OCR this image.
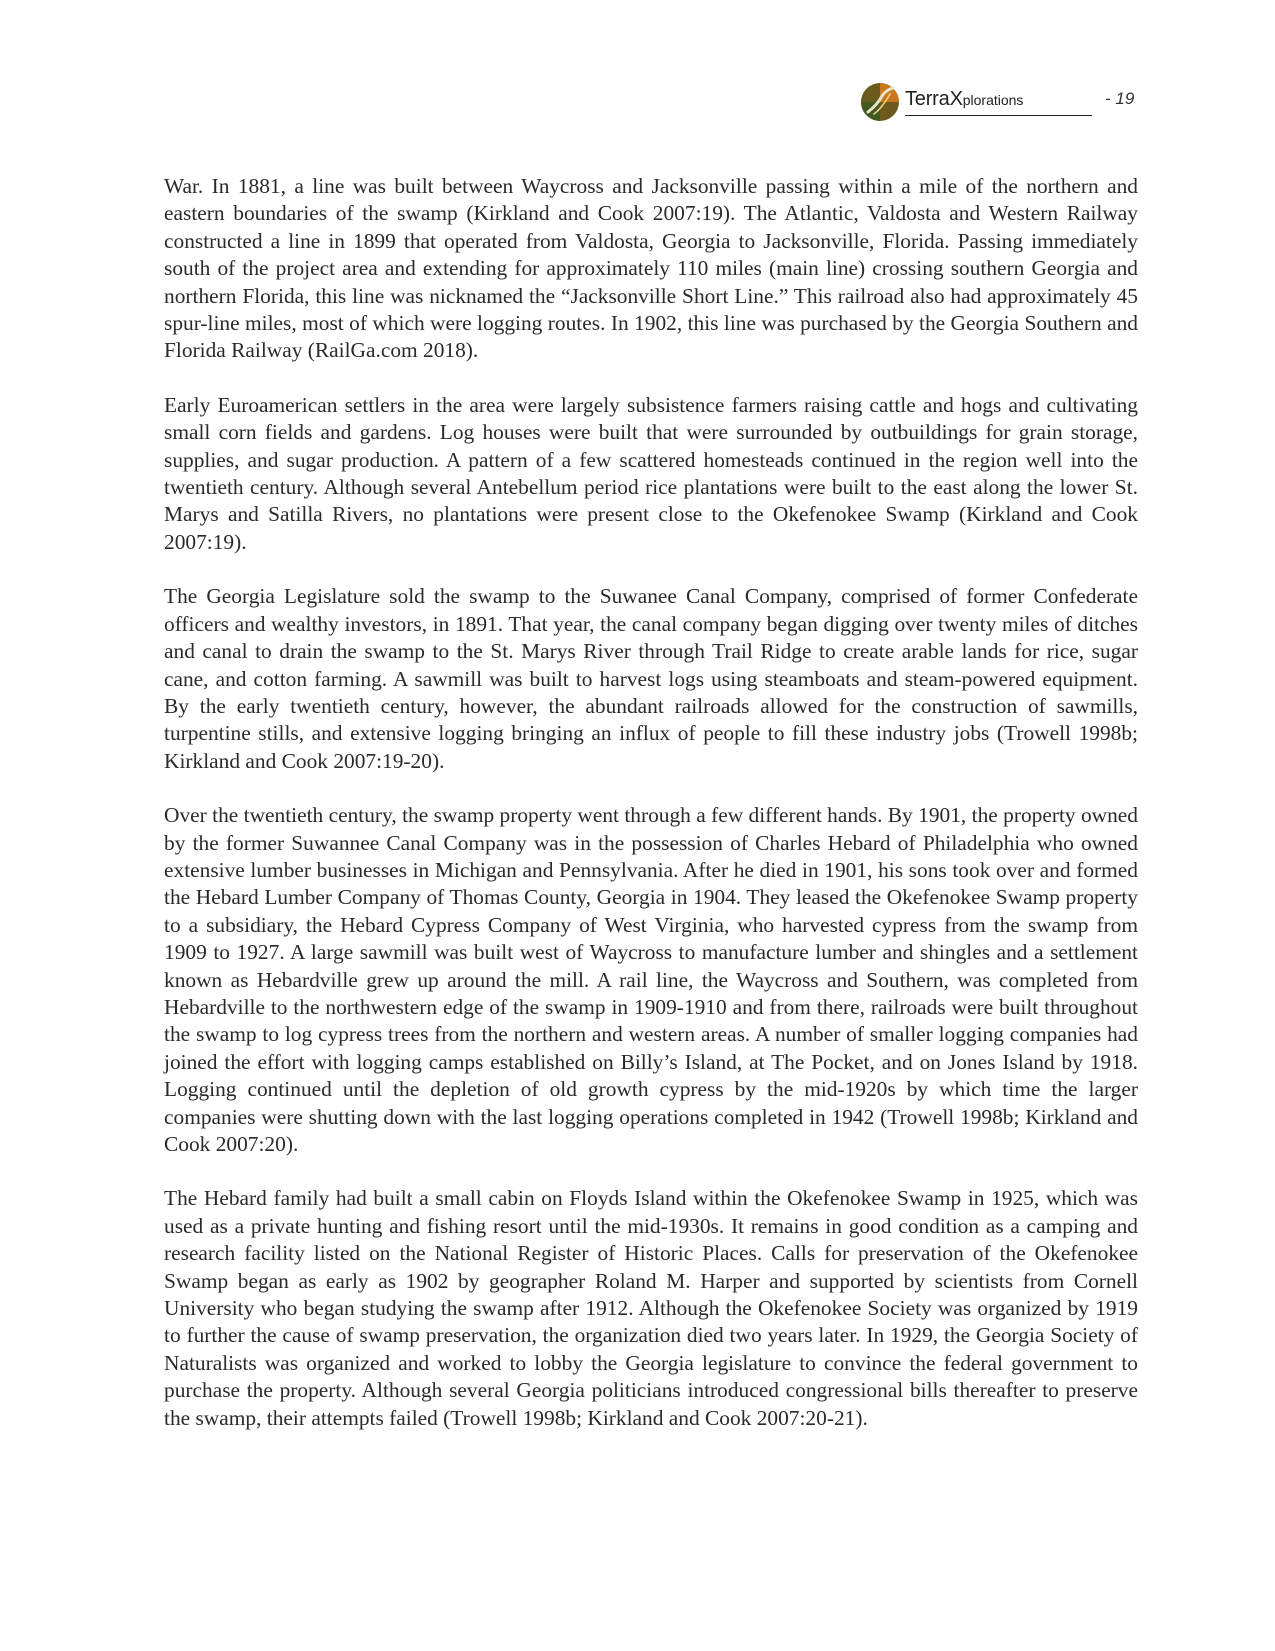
TerraXplorations	- 19

War. In 1881, a line was built between Waycross and Jacksonville passing within a mile of the northern and eastern boundaries of the swamp (Kirkland and Cook 2007:19). The Atlantic, Valdosta and Western Railway constructed a line in 1899 that operated from Valdosta, Georgia to Jacksonville, Florida. Passing immediately south of the project area and extending for approximately 110 miles (main line) crossing southern Georgia and northern Florida, this line was nicknamed the “Jacksonville Short Line.” This railroad also had approximately 45 spur-line miles, most of which were logging routes. In 1902, this line was purchased by the Georgia Southern and Florida Railway (RailGa.com 2018).

Early Euroamerican settlers in the area were largely subsistence farmers raising cattle and hogs and cultivating small corn fields and gardens. Log houses were built that were surrounded by outbuildings for grain storage, supplies, and sugar production. A pattern of a few scattered homesteads continued in the region well into the twentieth century. Although several Antebellum period rice plantations were built to the east along the lower St. Marys and Satilla Rivers, no plantations were present close to the Okefenokee Swamp (Kirkland and Cook 2007:19).

The Georgia Legislature sold the swamp to the Suwanee Canal Company, comprised of former Confederate officers and wealthy investors, in 1891. That year, the canal company began digging over twenty miles of ditches and canal to drain the swamp to the St. Marys River through Trail Ridge to create arable lands for rice, sugar cane, and cotton farming. A sawmill was built to harvest logs using steamboats and steam-powered equipment. By the early twentieth century, however, the abundant railroads allowed for the construction of sawmills, turpentine stills, and extensive logging bringing an influx of people to fill these industry jobs (Trowell 1998b; Kirkland and Cook 2007:19-20).

Over the twentieth century, the swamp property went through a few different hands. By 1901, the property owned by the former Suwannee Canal Company was in the possession of Charles Hebard of Philadelphia who owned extensive lumber businesses in Michigan and Pennsylvania. After he died in 1901, his sons took over and formed the Hebard Lumber Company of Thomas County, Georgia in 1904. They leased the Okefenokee Swamp property to a subsidiary, the Hebard Cypress Company of West Virginia, who harvested cypress from the swamp from 1909 to 1927. A large sawmill was built west of Waycross to manufacture lumber and shingles and a settlement known as Hebardville grew up around the mill. A rail line, the Waycross and Southern, was completed from Hebardville to the northwestern edge of the swamp in 1909-1910 and from there, railroads were built throughout the swamp to log cypress trees from the northern and western areas. A number of smaller logging companies had joined the effort with logging camps established on Billy’s Island, at The Pocket, and on Jones Island by 1918. Logging continued until the depletion of old growth cypress by the mid-1920s by which time the larger companies were shutting down with the last logging operations completed in 1942 (Trowell 1998b; Kirkland and Cook 2007:20).

The Hebard family had built a small cabin on Floyds Island within the Okefenokee Swamp in 1925, which was used as a private hunting and fishing resort until the mid-1930s. It remains in good condition as a camping and research facility listed on the National Register of Historic Places. Calls for preservation of the Okefenokee Swamp began as early as 1902 by geographer Roland M. Harper and supported by scientists from Cornell University who began studying the swamp after 1912. Although the Okefenokee Society was organized by 1919 to further the cause of swamp preservation, the organization died two years later. In 1929, the Georgia Society of Naturalists was organized and worked to lobby the Georgia legislature to convince the federal government to purchase the property. Although several Georgia politicians introduced congressional bills thereafter to preserve the swamp, their attempts failed (Trowell 1998b; Kirkland and Cook 2007:20-21).
